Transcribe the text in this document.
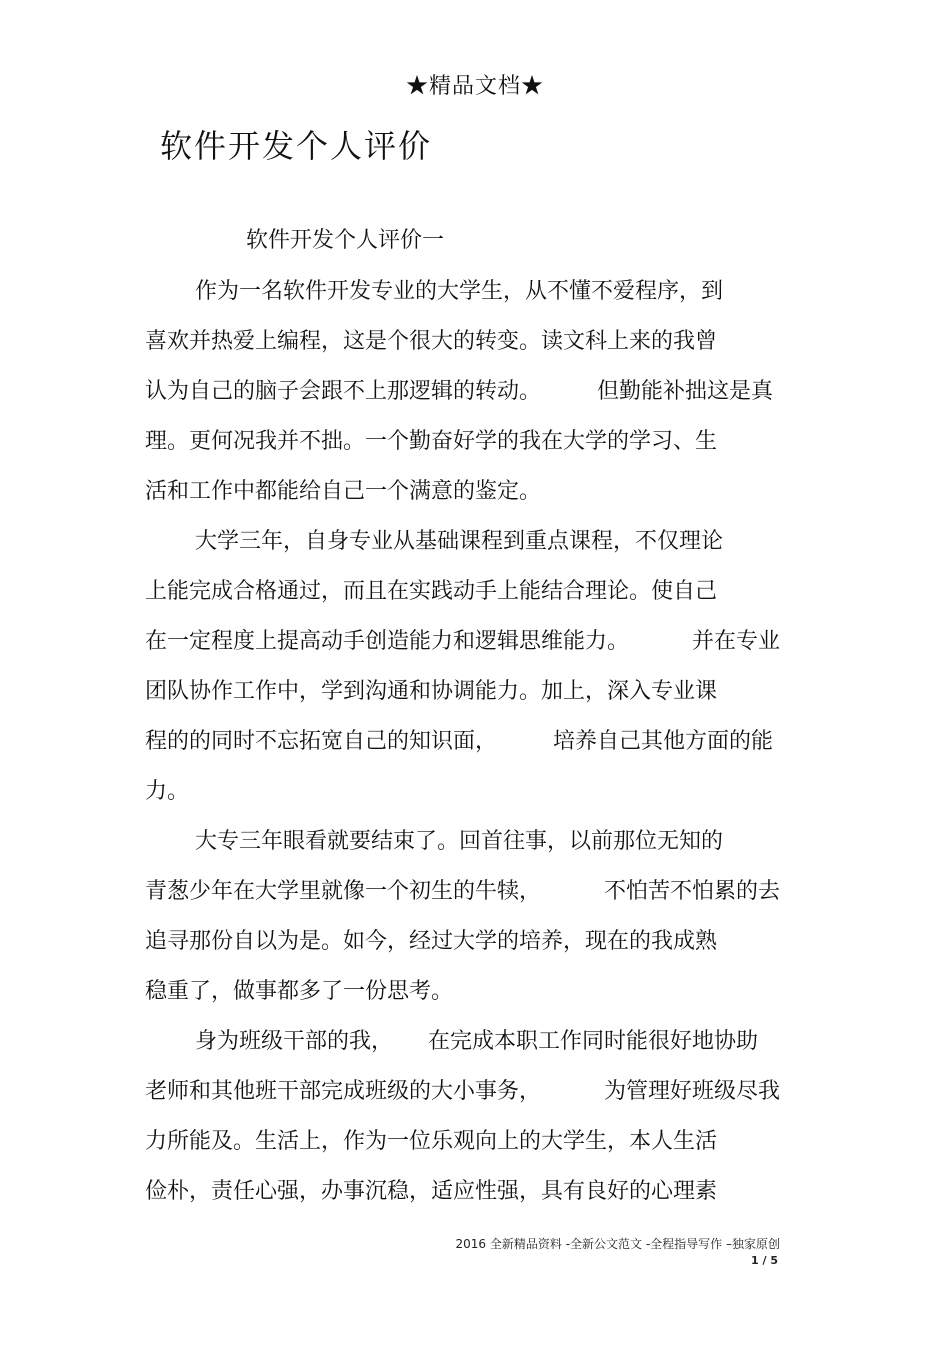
★精品文档★
软件开发个人评价
软件开发个人评价一
作为一名软件开发专业的大学生，从不懂不爱程序，到
喜欢并热爱上编程，这是个很大的转变。读文科上来的我曾
认为自己的脑子会跟不上那逻辑的转动。        但勤能补拙这是真
理。更何况我并不拙。一个勤奋好学的我在大学的学习、生
活和工作中都能给自己一个满意的鉴定。
大学三年，自身专业从基础课程到重点课程，不仅理论
上能完成合格通过，而且在实践动手上能结合理论。使自己
在一定程度上提高动手创造能力和逻辑思维能力。         并在专业
团队协作工作中，学到沟通和协调能力。加上，深入专业课
程的的同时不忘拓宽自己的知识面，        培养自己其他方面的能
力。
大专三年眼看就要结束了。回首往事，以前那位无知的
青葱少年在大学里就像一个初生的牛犊，         不怕苦不怕累的去
追寻那份自以为是。如今，经过大学的培养，现在的我成熟
稳重了，做事都多了一份思考。
身为班级干部的我，     在完成本职工作同时能很好地协助
老师和其他班干部完成班级的大小事务，         为管理好班级尽我
力所能及。生活上，作为一位乐观向上的大学生，本人生活
俭朴，责任心强，办事沉稳，适应性强，具有良好的心理素
2016 全新精品资料 -全新公文范文 -全程指导写作 –独家原创
1 / 5
